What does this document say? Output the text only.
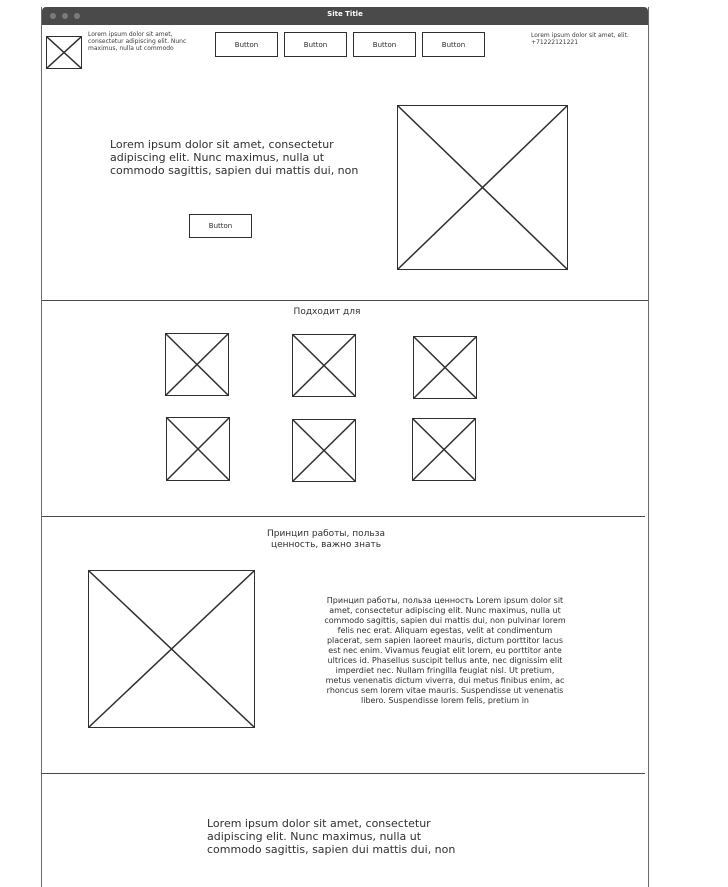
Site Title
Lorem ipsum dolor sit amet, consectetur adipiscing elit. Nunc maximus, nulla ut commodo	Button	Button	Button	Button
Lorem ipsum dolor sit amet, elit. +71222121221
Lorem ipsum dolor sit amet, consectetur adipiscing elit. Nunc maximus, nulla ut commodo sagittis, sapien dui mattis dui, non
Button
Подходит для
Принцип работы, польза ценность, важно знать
Принцип работы, польза ценность Lorem ipsum dolor sit amet, consectetur adipiscing elit. Nunc maximus, nulla ut commodo sagittis, sapien dui mattis dui, non pulvinar lorem felis nec erat. Aliquam egestas, velit at condimentum placerat, sem sapien laoreet mauris, dictum porttitor lacus est nec enim. Vivamus feugiat elit lorem, eu porttitor ante ultrices id. Phasellus suscipit tellus ante, nec dignissim elit imperdiet nec. Nullam fringilla feugiat nisl. Ut pretium, metus venenatis dictum viverra, dui metus finibus enim, ac rhoncus sem lorem vitae mauris. Suspendisse ut venenatis libero. Suspendisse lorem felis, pretium in
Lorem ipsum dolor sit amet, consectetur adipiscing elit. Nunc maximus, nulla ut commodo sagittis, sapien dui mattis dui, non
